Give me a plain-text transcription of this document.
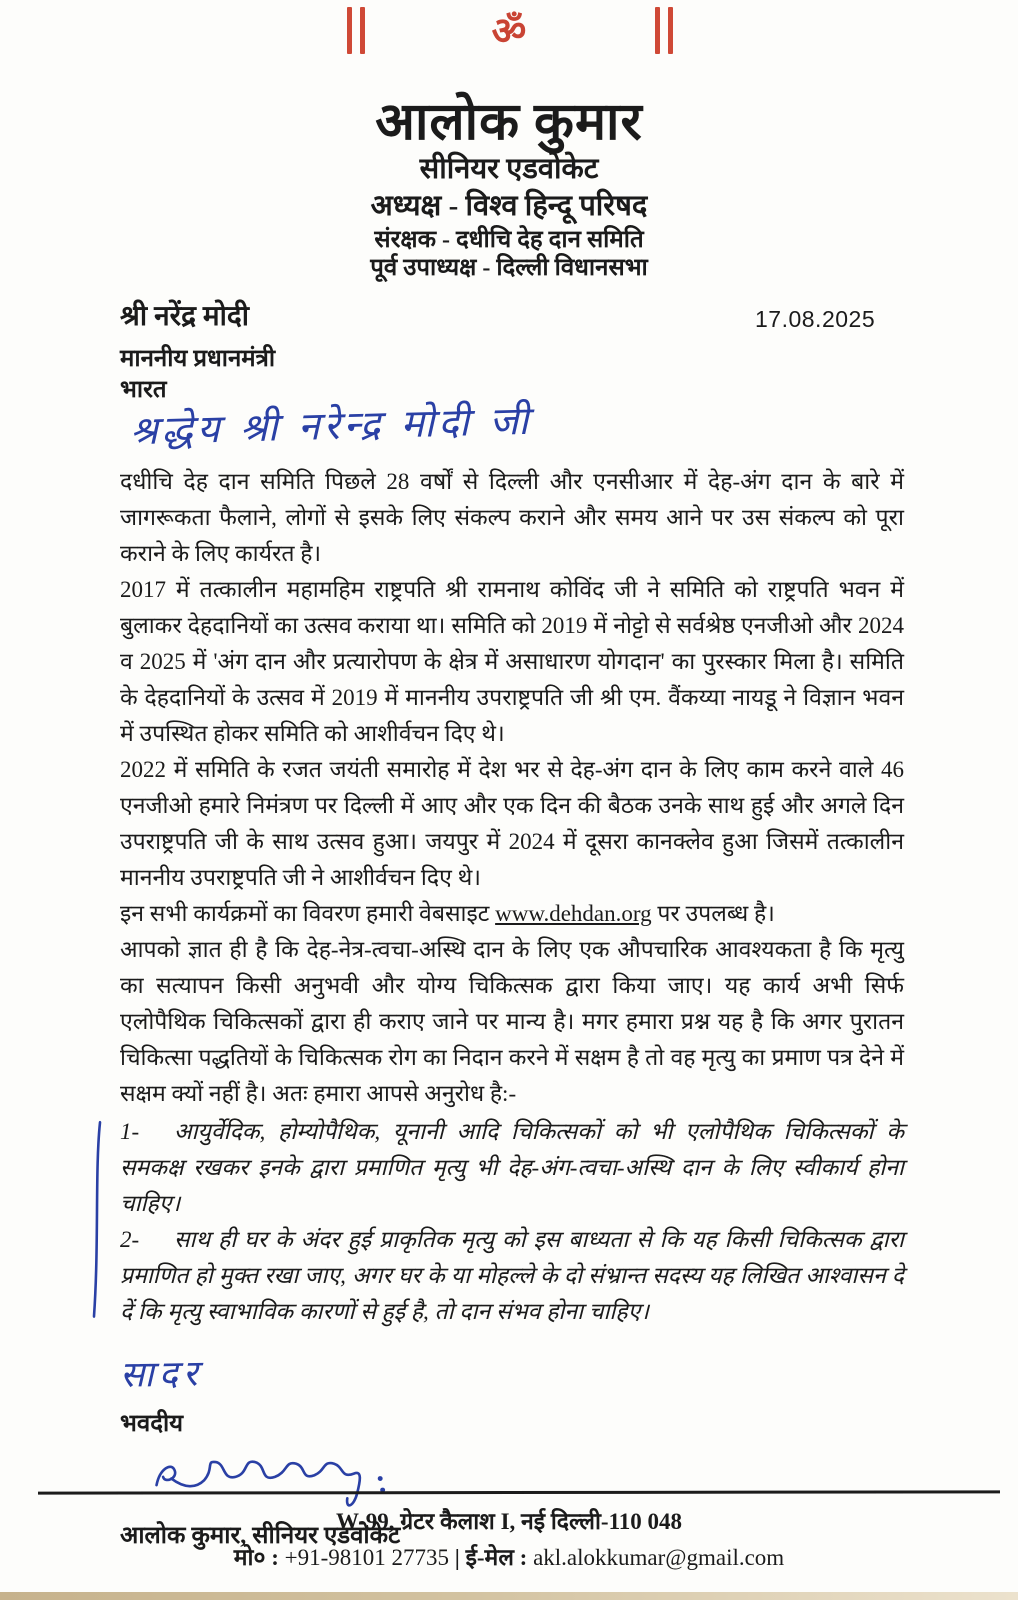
ॐ
आलोक कुमार
सीनियर एडवोकेट
अध्यक्ष - विश्व हिन्दू परिषद
संरक्षक - दधीचि देह दान समिति
पूर्व उपाध्यक्ष - दिल्ली विधानसभा
श्री नरेंद्र मोदी	17.08.2025
माननीय प्रधानमंत्री
भारत
श्रद्धेय श्री नरेन्द्र मोदी जी

दधीचि देह दान समिति पिछले 28 वर्षों से दिल्ली और एनसीआर में देह-अंग दान के बारे में जागरूकता फैलाने, लोगों से इसके लिए संकल्प कराने और समय आने पर उस संकल्प को पूरा कराने के लिए कार्यरत है।

2017 में तत्कालीन महामहिम राष्ट्रपति श्री रामनाथ कोविंद जी ने समिति को राष्ट्रपति भवन में बुलाकर देहदानियों का उत्सव कराया था। समिति को 2019 में नोट्टो से सर्वश्रेष्ठ एनजीओ और 2024 व 2025 में 'अंग दान और प्रत्यारोपण के क्षेत्र में असाधारण योगदान' का पुरस्कार मिला है। समिति के देहदानियों के उत्सव में 2019 में माननीय उपराष्ट्रपति जी श्री एम. वैंकय्या नायडू ने विज्ञान भवन में उपस्थित होकर समिति को आशीर्वचन दिए थे।

2022 में समिति के रजत जयंती समारोह में देश भर से देह-अंग दान के लिए काम करने वाले 46 एनजीओ हमारे निमंत्रण पर दिल्ली में आए और एक दिन की बैठक उनके साथ हुई और अगले दिन उपराष्ट्रपति जी के साथ उत्सव हुआ। जयपुर में 2024 में दूसरा कानक्लेव हुआ जिसमें तत्कालीन माननीय उपराष्ट्रपति जी ने आशीर्वचन दिए थे।

इन सभी कार्यक्रमों का विवरण हमारी वेबसाइट www.dehdan.org पर उपलब्ध है।

आपको ज्ञात ही है कि देह-नेत्र-त्वचा-अस्थि दान के लिए एक औपचारिक आवश्यकता है कि मृत्यु का सत्यापन किसी अनुभवी और योग्य चिकित्सक द्वारा किया जाए। यह कार्य अभी सिर्फ एलोपैथिक चिकित्सकों द्वारा ही कराए जाने पर मान्य है। मगर हमारा प्रश्न यह है कि अगर पुरातन चिकित्सा पद्धतियों के चिकित्सक रोग का निदान करने में सक्षम है तो वह मृत्यु का प्रमाण पत्र देने में सक्षम क्यों नहीं है। अतः हमारा आपसे अनुरोध है:-

1- आयुर्वेदिक, होम्योपैथिक, यूनानी आदि चिकित्सकों को भी एलोपैथिक चिकित्सकों के समकक्ष रखकर इनके द्वारा प्रमाणित मृत्यु भी देह-अंग-त्वचा-अस्थि दान के लिए स्वीकार्य होना चाहिए।

2- साथ ही घर के अंदर हुई प्राकृतिक मृत्यु को इस बाध्यता से कि यह किसी चिकित्सक द्वारा प्रमाणित हो मुक्त रखा जाए, अगर घर के या मोहल्ले के दो संभ्रान्त सदस्य यह लिखित आश्वासन दे दें कि मृत्यु स्वाभाविक कारणों से हुई है, तो दान संभव होना चाहिए।

सादर
भवदीय
आलोक कुमार, सीनियर एडवोकेट
W-99, ग्रेटर कैलाश I, नई दिल्ली-110 048
मो० : +91-98101 27735 | ई-मेल : akl.alokkumar@gmail.com
